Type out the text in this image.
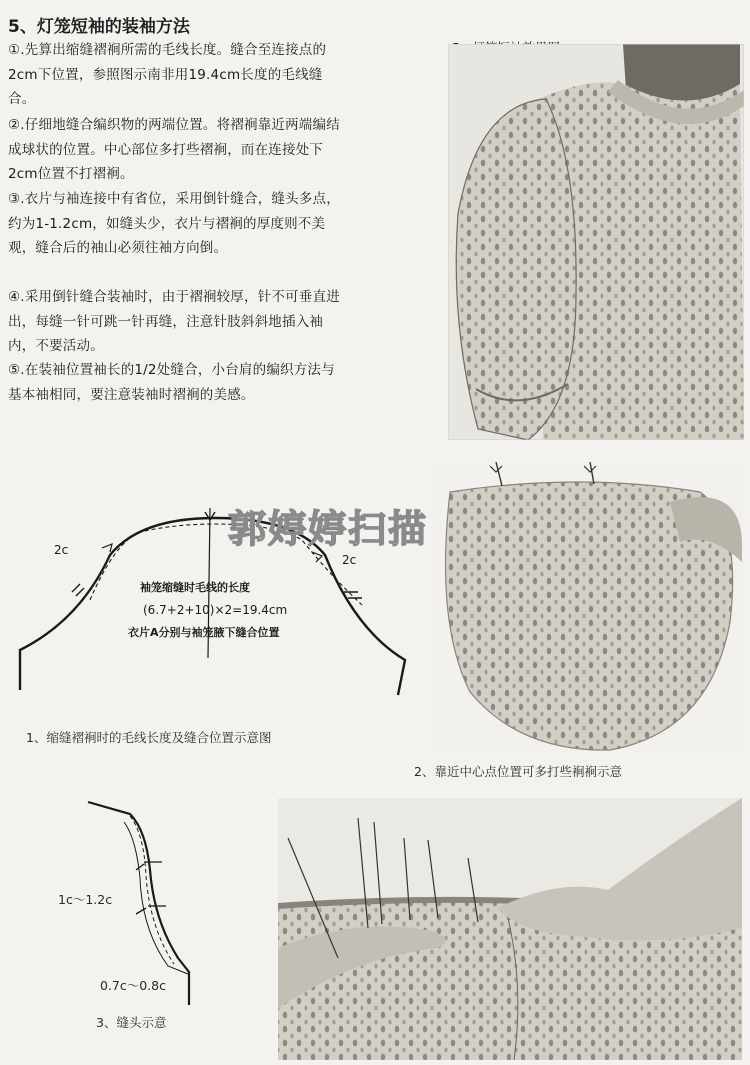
5、灯笼短袖的装袖方法
①.先算出缩缝褶裥所需的毛线长度。缝合至连接点的2cm下位置，参照图示南非用19.4cm长度的毛线缝合。
②.仔细地缝合编织物的两端位置。将褶裥靠近两端编结成球状的位置。中心部位多打些褶裥，而在连接处下2cm位置不打褶裥。
③.衣片与袖连接中有省位，采用倒针缝合，缝头多点，约为1-1.2cm，如缝头少，衣片与褶裥的厚度则不美观，缝合后的袖山必须往袖方向倒。
④.采用倒针缝合装袖时，由于褶裥较厚，针不可垂直进出，每缝一针可跳一针再缝，注意针肢斜斜地插入袖内，不要活动。
⑤.在装袖位置袖长的1/2处缝合，小台肩的编织方法与基本袖相同，要注意装袖时褶裥的美感。
2c
2c
袖笼缩缝时毛线的长度
(6.7+2+10)×2=19.4cm
衣片A分别与袖笼腋下缝合位置
1、缩缝褶裥时的毛线长度及缝合位置示意图
2、靠近中心点位置可多打些裥裥示意
1c～1.2c
0.7c～0.8c
3、缝头示意
郭婷婷扫描
